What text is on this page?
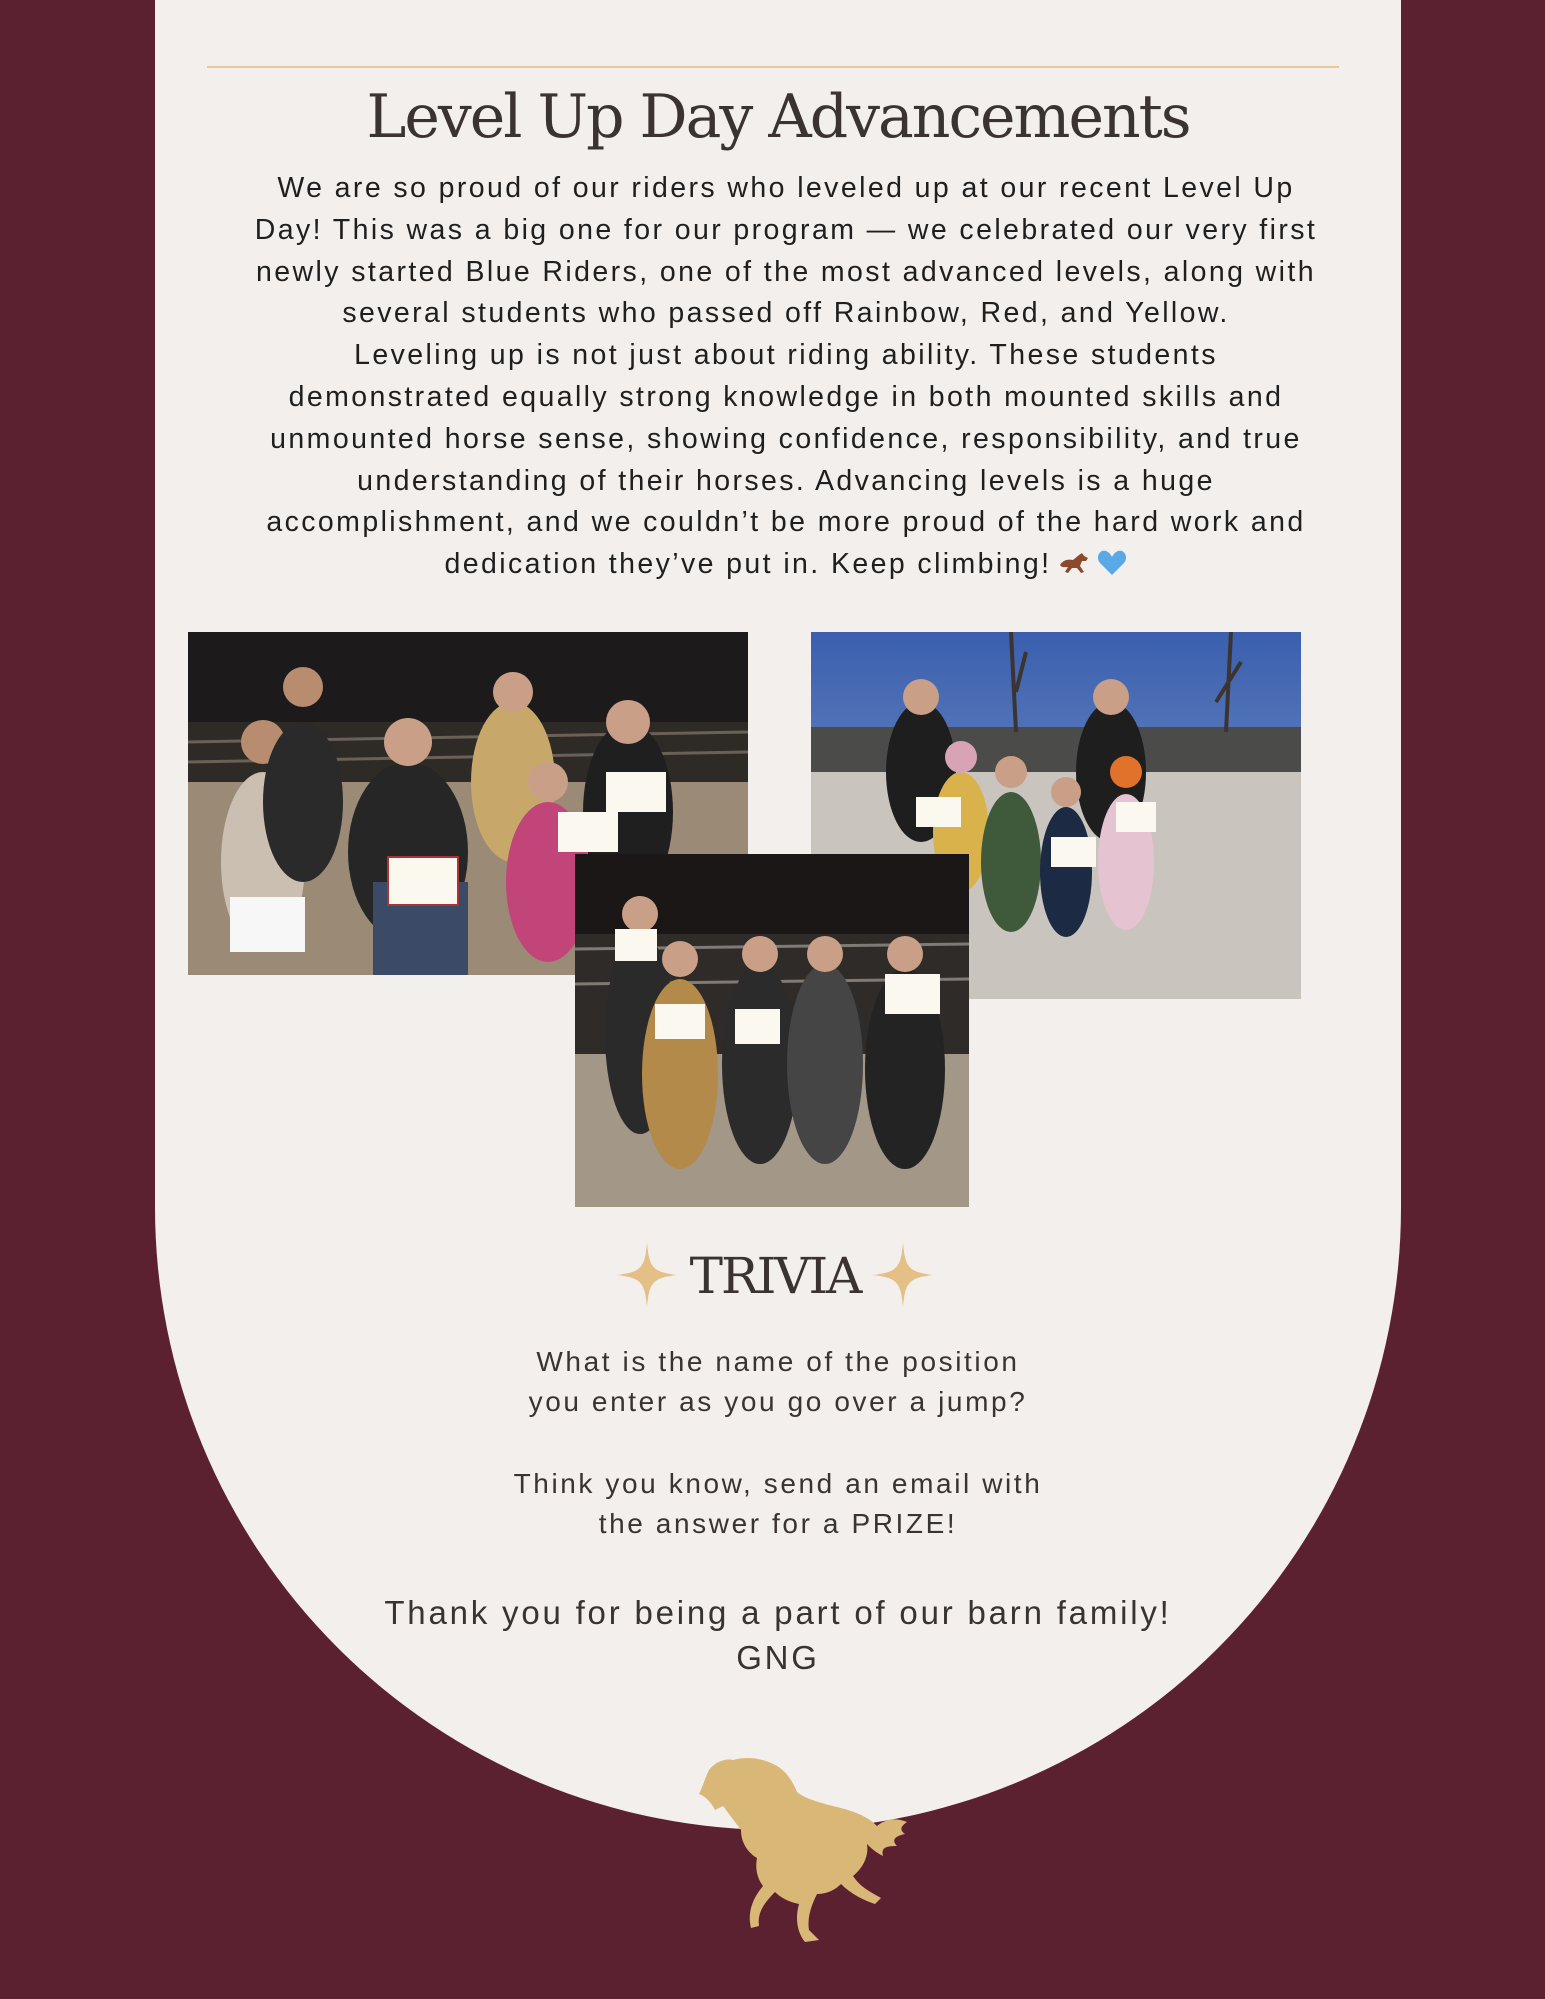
Level Up Day Advancements

We are so proud of our riders who leveled up at our recent Level Up

Day! This was a big one for our program — we celebrated our very first

newly started Blue Riders, one of the most advanced levels, along with

several students who passed off Rainbow, Red, and Yellow.

Leveling up is not just about riding ability. These students

demonstrated equally strong knowledge in both mounted skills and

unmounted horse sense, showing confidence, responsibility, and true

understanding of their horses. Advancing levels is a huge

accomplishment, and we couldn’t be more proud of the hard work and

dedication they’ve put in. Keep climbing!

TRIVIA

What is the name of the position

you enter as you go over a jump?

Think you know, send an email with

the answer for a PRIZE!

Thank you for being a part of our barn family!

GNG
